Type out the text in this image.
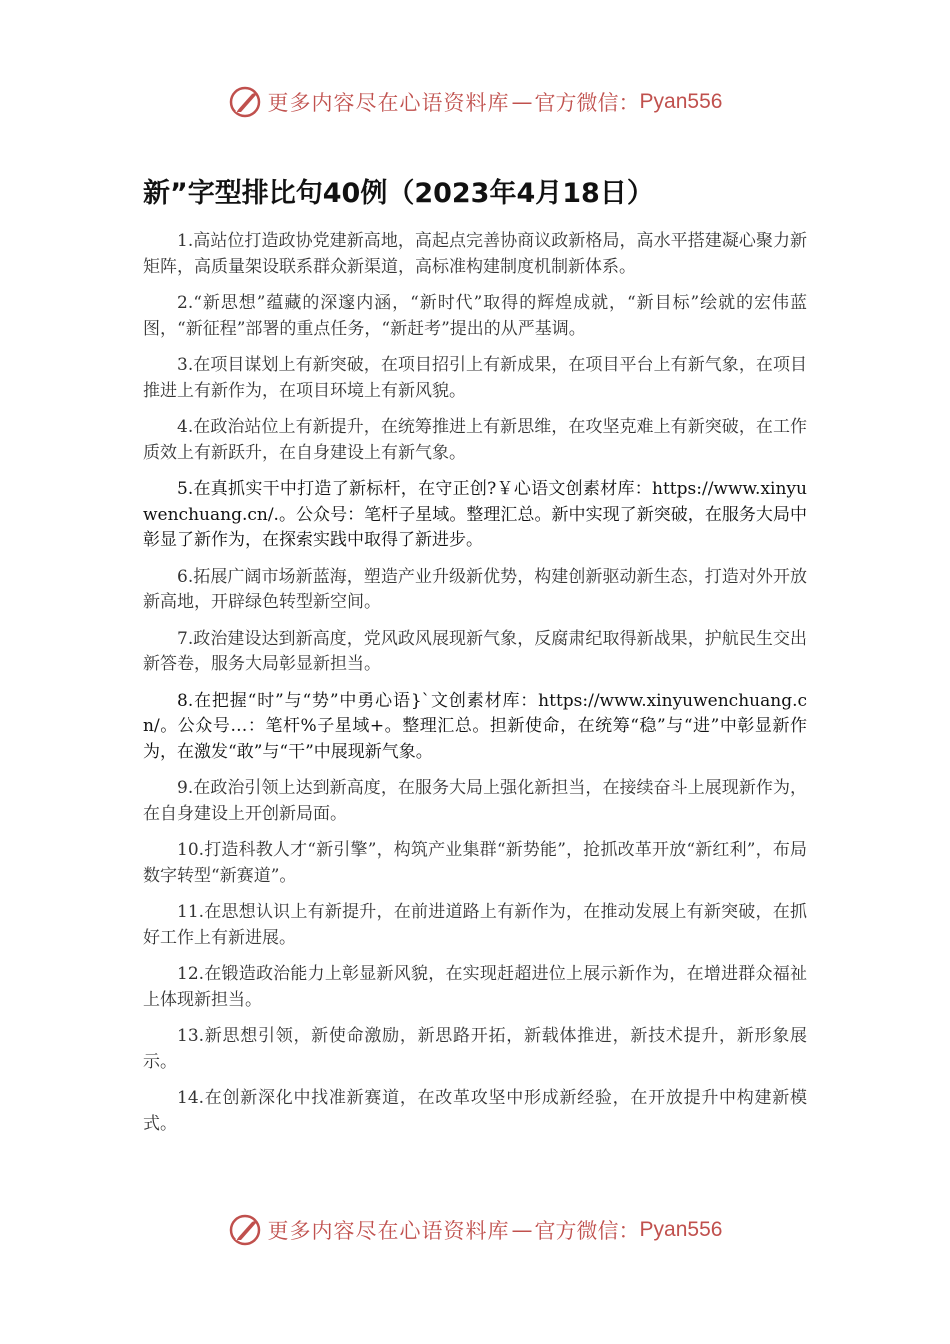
更多内容尽在心语资料库 — 官方微信： Pyan556
新”字型排比句40例（2023年4月18日）

1.高站位打造政协党建新高地，高起点完善协商议政新格局，高水平搭建凝心聚力新矩阵，高质量架设联系群众新渠道，高标准构建制度机制新体系。

2.“新思想”蕴藏的深邃内涵，“新时代”取得的辉煌成就，“新目标”绘就的宏伟蓝图，“新征程”部署的重点任务，“新赶考”提出的从严基调。

3.在项目谋划上有新突破，在项目招引上有新成果，在项目平台上有新气象，在项目推进上有新作为，在项目环境上有新风貌。

4.在政治站位上有新提升，在统筹推进上有新思维，在攻坚克难上有新突破，在工作质效上有新跃升，在自身建设上有新气象。

5.在真抓实干中打造了新标杆，在守正创?￥心语文创素材库：https://www.xinyuwenchuang.cn/.。公众号：笔杆子星域。整理汇总。新中实现了新突破，在服务大局中彰显了新作为，在探索实践中取得了新进步。

6.拓展广阔市场新蓝海，塑造产业升级新优势，构建创新驱动新生态，打造对外开放新高地，开辟绿色转型新空间。

7.政治建设达到新高度，党风政风展现新气象，反腐肃纪取得新战果，护航民生交出新答卷，服务大局彰显新担当。

8.在把握“时”与“势”中勇心语}`文创素材库：https://www.xinyuwenchuang.cn/。公众号…：笔杆%子星域+。整理汇总。担新使命，在统筹“稳”与“进”中彰显新作为，在激发“敢”与“干”中展现新气象。

9.在政治引领上达到新高度，在服务大局上强化新担当，在接续奋斗上展现新作为，在自身建设上开创新局面。

10.打造科教人才“新引擎”，构筑产业集群“新势能”，抢抓改革开放“新红利”，布局数字转型“新赛道”。

11.在思想认识上有新提升，在前进道路上有新作为，在推动发展上有新突破，在抓好工作上有新进展。

12.在锻造政治能力上彰显新风貌，在实现赶超进位上展示新作为，在增进群众福祉上体现新担当。

13.新思想引领，新使命激励，新思路开拓，新载体推进，新技术提升，新形象展示。

14.在创新深化中找准新赛道，在改革攻坚中形成新经验，在开放提升中构建新模式。

更多内容尽在心语资料库 — 官方微信： Pyan556
